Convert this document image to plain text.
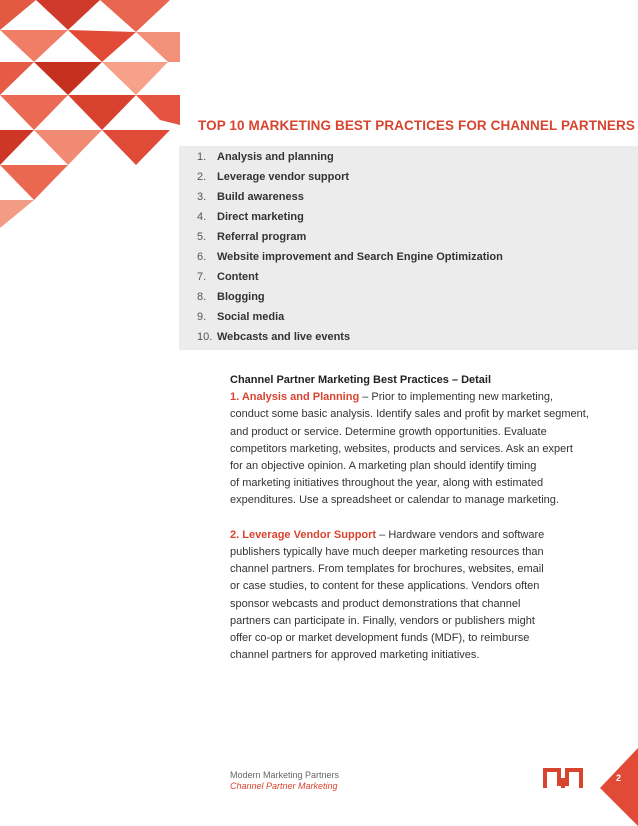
TOP 10 MARKETING BEST PRACTICES FOR CHANNEL PARTNERS
1. Analysis and planning
2. Leverage vendor support
3. Build awareness
4. Direct marketing
5. Referral program
6. Website improvement and Search Engine Optimization
7. Content
8. Blogging
9. Social media
10. Webcasts and live events

Channel Partner Marketing Best Practices – Detail

1. Analysis and Planning – Prior to implementing new marketing,

conduct some basic analysis. Identify sales and profit by market segment,

and product or service. Determine growth opportunities. Evaluate

competitors marketing, websites, products and services. Ask an expert

for an objective opinion. A marketing plan should identify timing

of marketing initiatives throughout the year, along with estimated

expenditures. Use a spreadsheet or calendar to manage marketing.

2. Leverage Vendor Support – Hardware vendors and software

publishers typically have much deeper marketing resources than

channel partners. From templates for brochures, websites, email

or case studies, to content for these applications. Vendors often

sponsor webcasts and product demonstrations that channel

partners can participate in. Finally, vendors or publishers might

offer co-op or market development funds (MDF), to reimburse

channel partners for approved marketing initiatives.

Modern Marketing Partners
Channel Partner Marketing
2
